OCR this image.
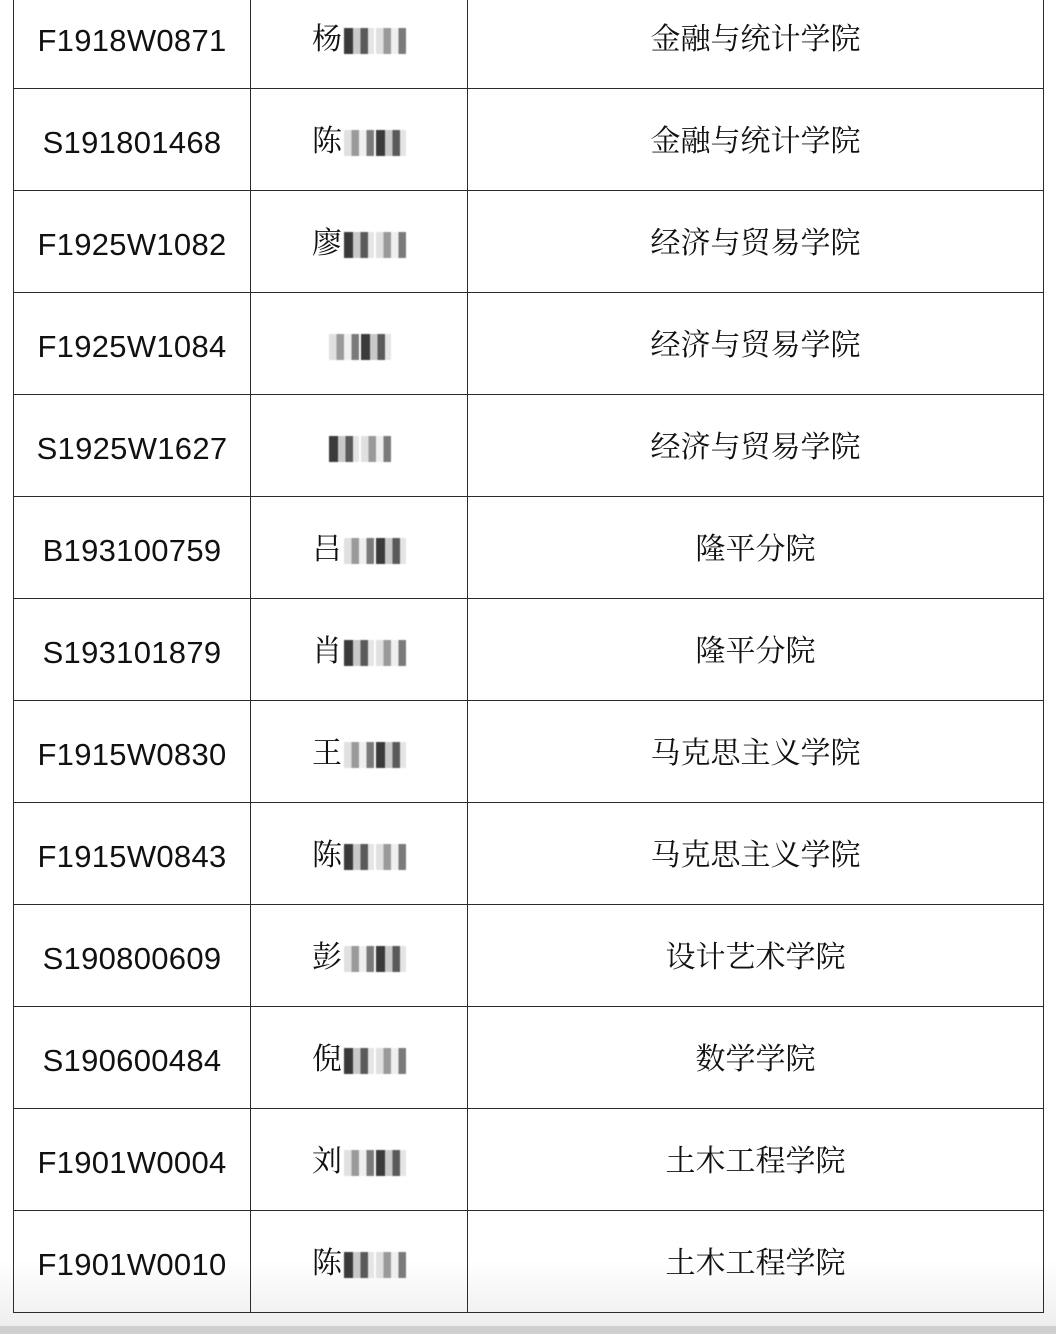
F1918W0871	杨	金融与统计学院

S191801468	陈	金融与统计学院

F1925W1082	廖	经济与贸易学院

F1925W1084		经济与贸易学院

S1925W1627		经济与贸易学院

B193100759	吕	隆平分院

S193101879	肖	隆平分院

F1915W0830	王	马克思主义学院

F1915W0843	陈	马克思主义学院

S190800609	彭	设计艺术学院

S190600484	倪	数学学院

F1901W0004	刘	土木工程学院

F1901W0010	陈	土木工程学院
